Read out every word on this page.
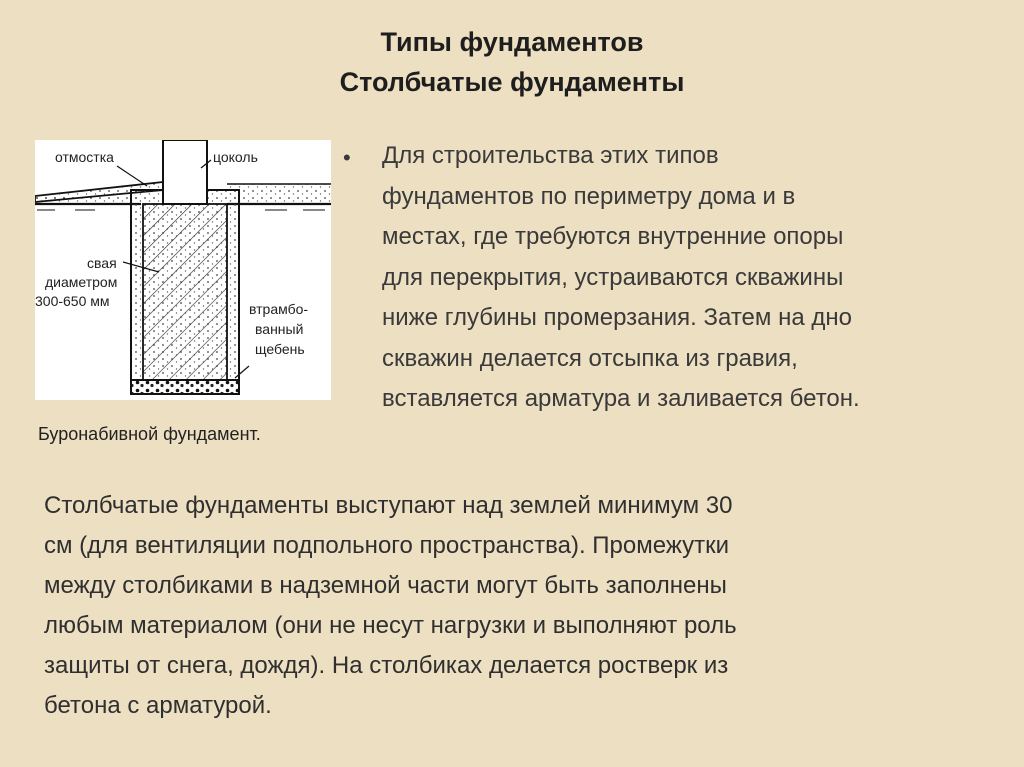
Типы фундаментов
Столбчатые фундаменты
отмостка	цоколь
свая
диаметром
300-650 мм	втрамбо-
ванный
щебень
Буронабивной фундамент.
• Для строительства этих типов
фундаментов по периметру дома и в
местах, где требуются внутренние опоры
для перекрытия, устраиваются скважины
ниже глубины промерзания. Затем на дно
скважин делается отсыпка из гравия,
вставляется арматура и заливается бетон.
Столбчатые фундаменты выступают над землей минимум 30
см (для вентиляции подпольного пространства). Промежутки
между столбиками в надземной части могут быть заполнены
любым материалом (они не несут нагрузки и выполняют роль
защиты от снега, дождя). На столбиках делается ростверк из
бетона с арматурой.
